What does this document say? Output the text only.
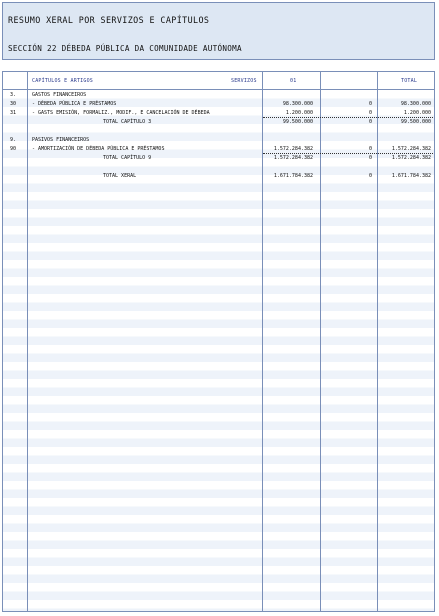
RESUMO XERAL POR SERVIZOS E CAPÍTULOS
SECCIÓN 22 DÉBEDA PÚBLICA DA COMUNIDADE AUTÓNOMA
CAPÍTULOS E ARTIGOS	SERVIZOS	01	TOTAL
3.	GASTOS FINANCEIROS
30	- DÉBEDA PÚBLICA E PRÉSTAMOS	98.300.000	0	98.300.000
31	- GASTS EMISIÓN, FORMALIZ., MODIF., E CANCELACIÓN DE DÉBEDA	1.200.000	0	1.200.000
TOTAL CAPÍTULO 3	99.500.000	0	99.500.000
9.	PASIVOS FINANCEIROS
90	- AMORTIZACIÓN DE DÉBEDA PÚBLICA E PRÉSTAMOS	1.572.284.382	0	1.572.284.382
TOTAL CAPÍTULO 9	1.572.284.382	0	1.572.284.382
TOTAL XERAL	1.671.784.382	0	1.671.784.382
